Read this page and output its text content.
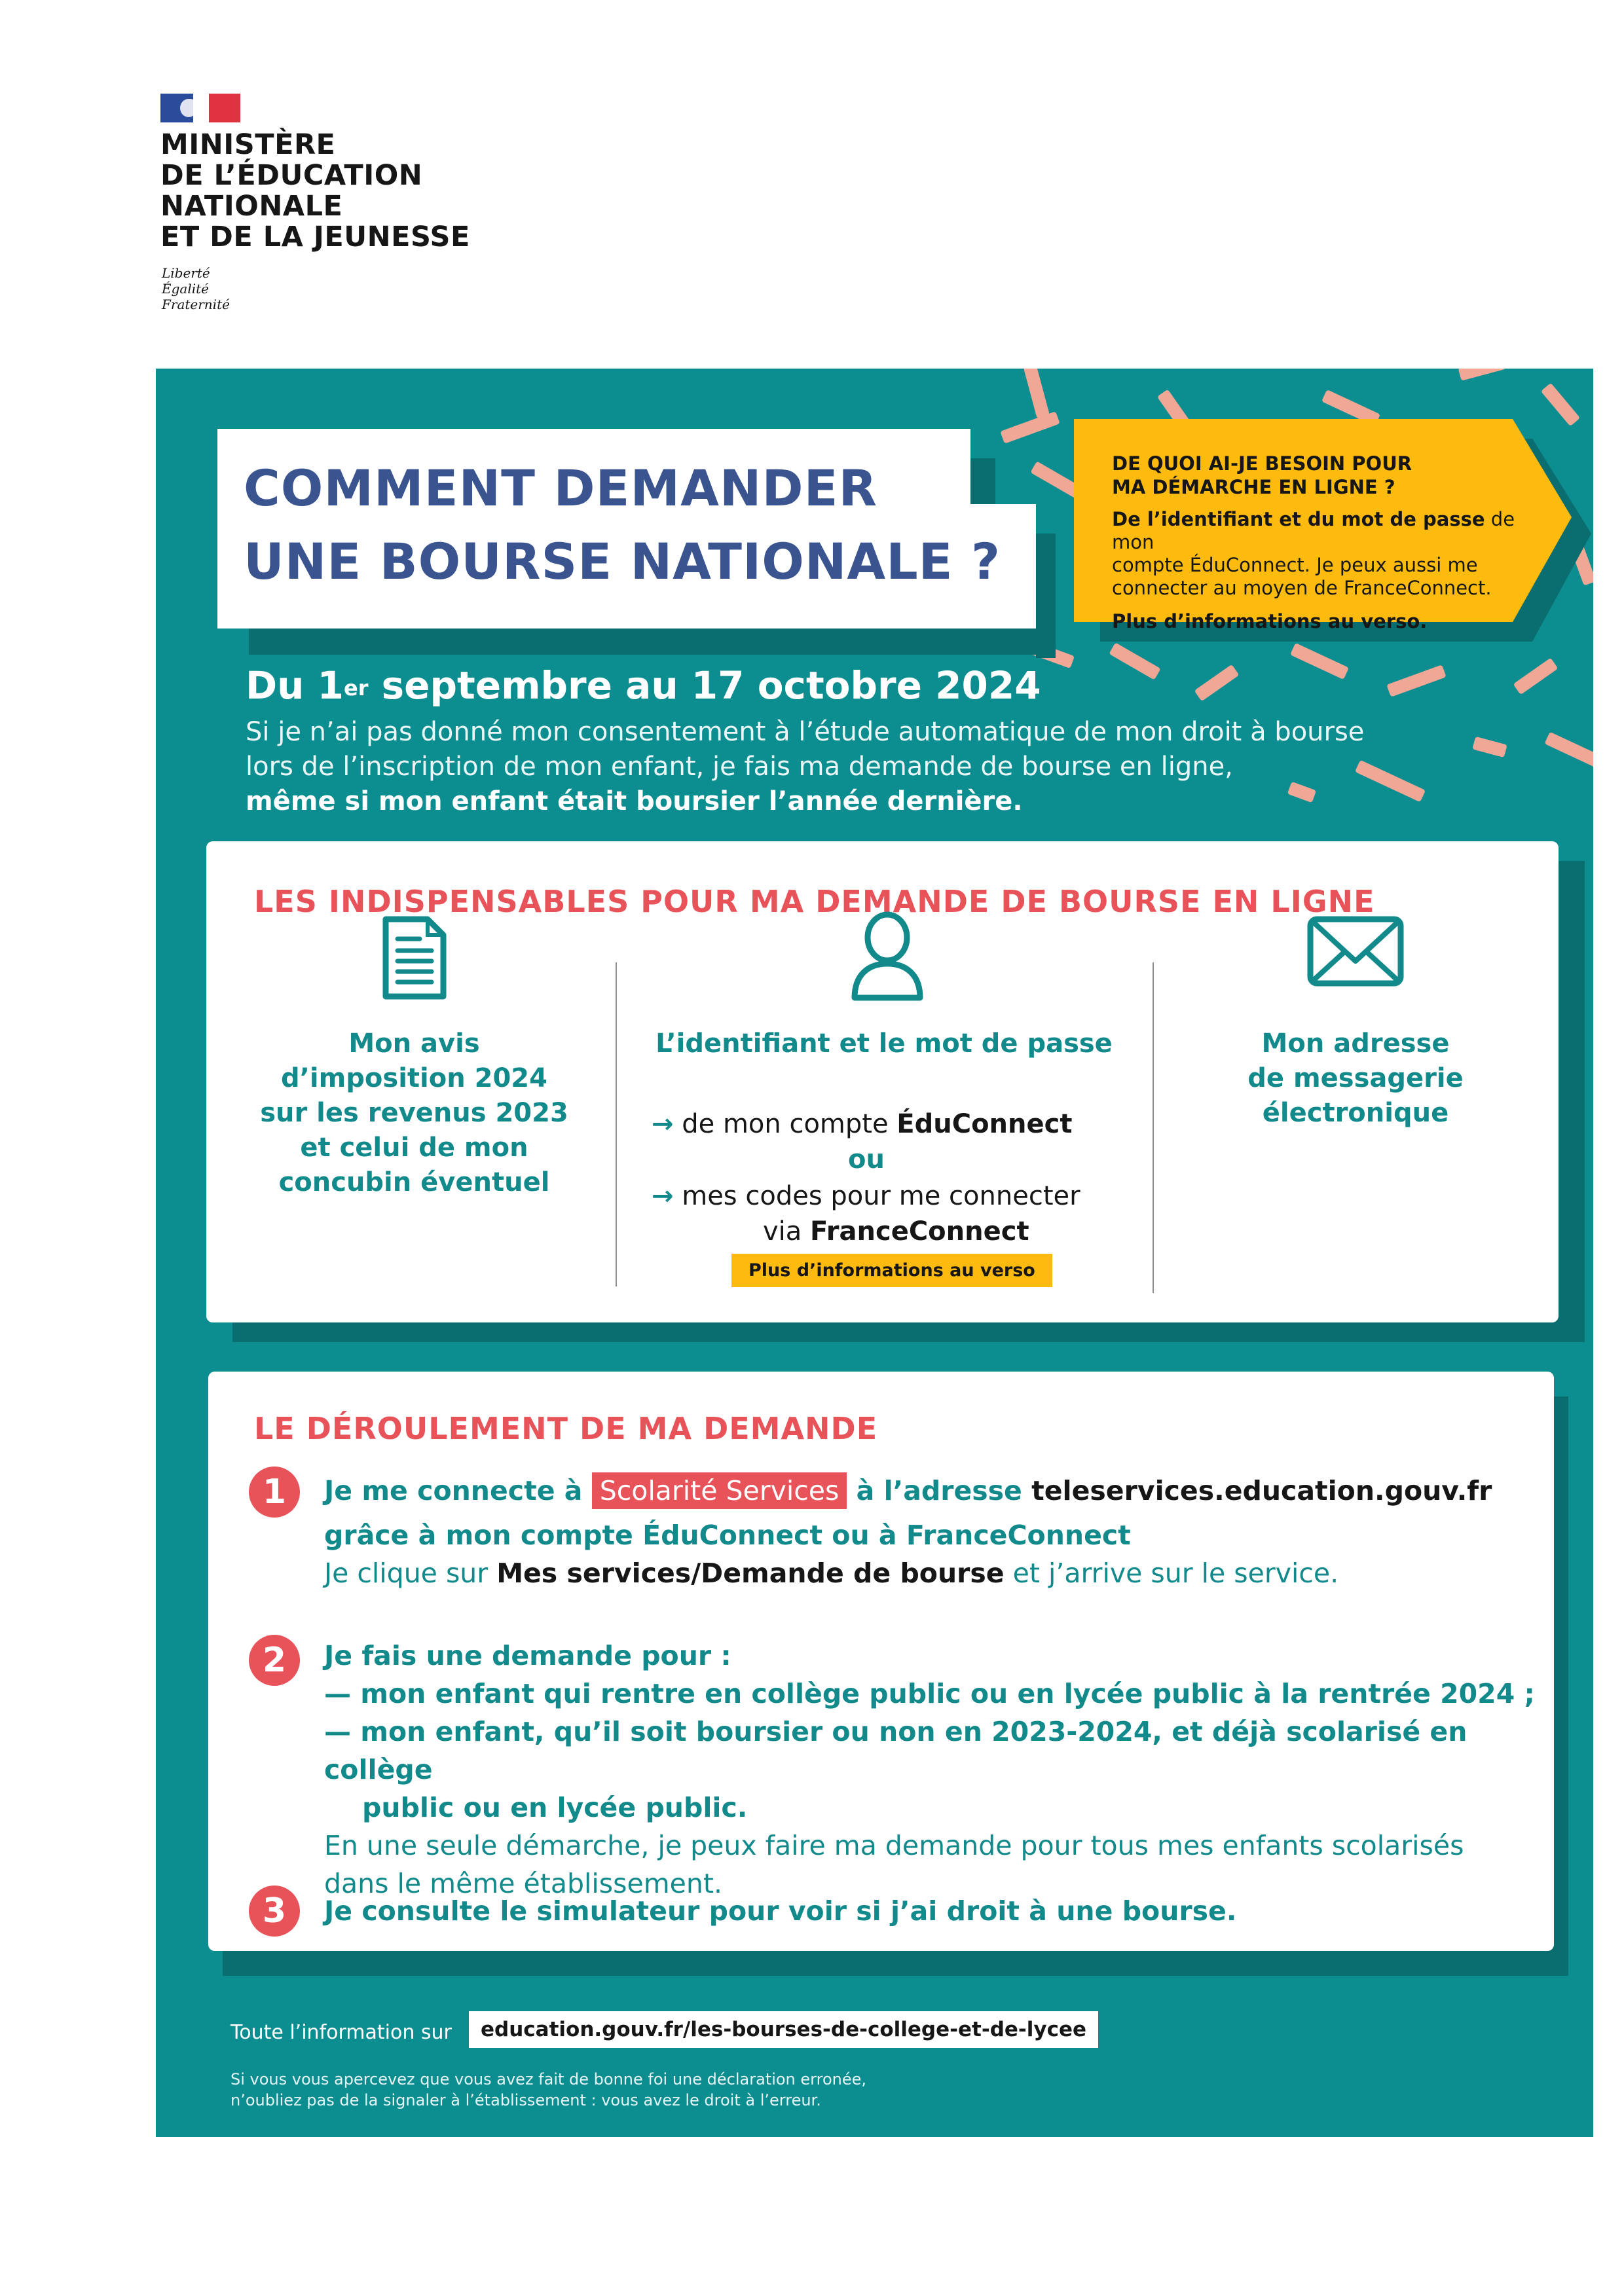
MINISTÈRE
DE L’ÉDUCATION
NATIONALE
ET DE LA JEUNESSE
Liberté
Égalité
Fraternité
COMMENT DEMANDER
UNE BOURSE NATIONALE ?
DE QUOI AI-JE BESOIN POUR
MA DÉMARCHE EN LIGNE ?
De l’identifiant et du mot de passe de mon
compte ÉduConnect. Je peux aussi me
connecter au moyen de FranceConnect.
Plus d’informations au verso.
Du 1er septembre au 17 octobre 2024
Si je n’ai pas donné mon consentement à l’étude automatique de mon droit à bourse
lors de l’inscription de mon enfant, je fais ma demande de bourse en ligne,
même si mon enfant était boursier l’année dernière.
LES INDISPENSABLES POUR MA DEMANDE DE BOURSE EN LIGNE
Mon avis
d’imposition 2024
sur les revenus 2023
et celui de mon
concubin éventuel
L’identifiant et le mot de passe
→ de mon compte ÉduConnect
ou
→ mes codes pour me connecter
via FranceConnect
Plus d’informations au verso
Mon adresse
de messagerie
électronique
LE DÉROULEMENT DE MA DEMANDE
1	Je me connecte à Scolarité Services à l’adresse teleservices.education.gouv.fr
grâce à mon compte ÉduConnect ou à FranceConnect
Je clique sur Mes services/Demande de bourse et j’arrive sur le service.
2	Je fais une demande pour :
— mon enfant qui rentre en collège public ou en lycée public à la rentrée 2024 ;
— mon enfant, qu’il soit boursier ou non en 2023-2024, et déjà scolarisé en collège
public ou en lycée public.
En une seule démarche, je peux faire ma demande pour tous mes enfants scolarisés
dans le même établissement.
3	Je consulte le simulateur pour voir si j’ai droit à une bourse.
Toute l’information sur	education.gouv.fr/les-bourses-de-college-et-de-lycee
Si vous vous apercevez que vous avez fait de bonne foi une déclaration erronée,
n’oubliez pas de la signaler à l’établissement : vous avez le droit à l’erreur.
